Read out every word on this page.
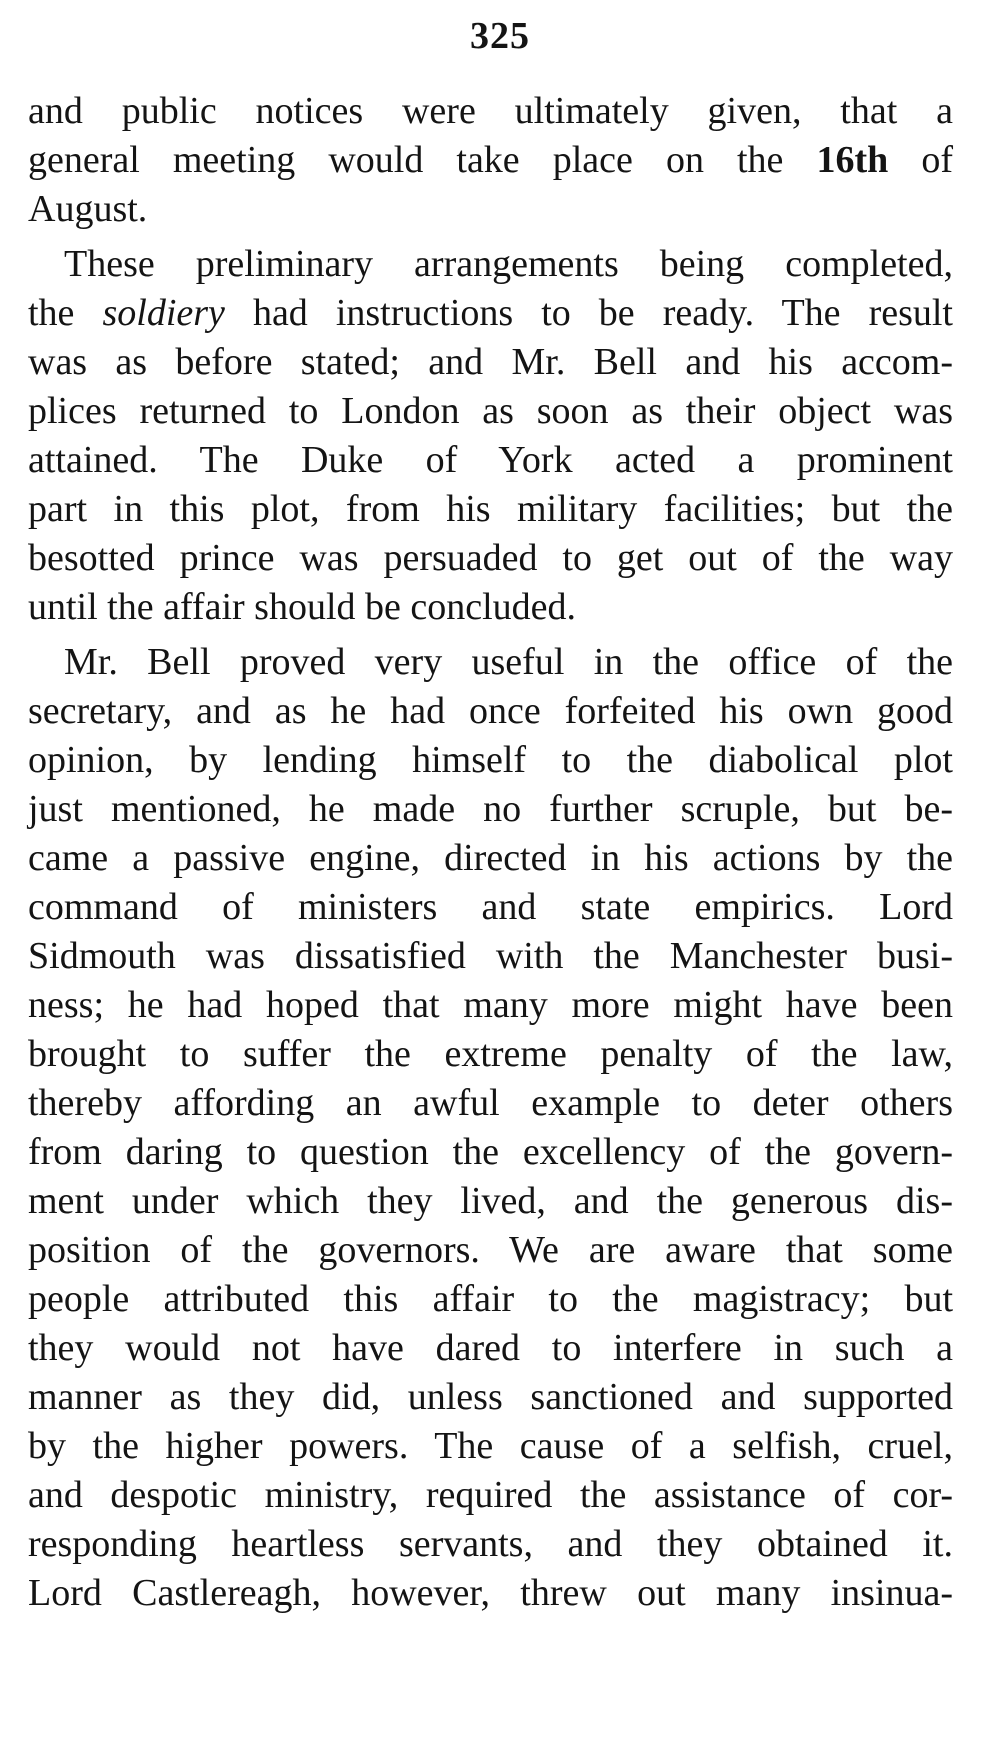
325
and public notices were ultimately given, that a
general meeting would take place on the 16th of
August.
These preliminary arrangements being completed,
the soldiery had instructions to be ready. The result
was as before stated; and Mr. Bell and his accom-
plices returned to London as soon as their object was
attained. The Duke of York acted a prominent
part in this plot, from his military facilities; but the
besotted prince was persuaded to get out of the way
until the affair should be concluded.
Mr. Bell proved very useful in the office of the
secretary, and as he had once forfeited his own good
opinion, by lending himself to the diabolical plot
just mentioned, he made no further scruple, but be-
came a passive engine, directed in his actions by the
command of ministers and state empirics. Lord
Sidmouth was dissatisfied with the Manchester busi-
ness; he had hoped that many more might have been
brought to suffer the extreme penalty of the law,
thereby affording an awful example to deter others
from daring to question the excellency of the govern-
ment under which they lived, and the generous dis-
position of the governors. We are aware that some
people attributed this affair to the magistracy; but
they would not have dared to interfere in such a
manner as they did, unless sanctioned and supported
by the higher powers. The cause of a selfish, cruel,
and despotic ministry, required the assistance of cor-
responding heartless servants, and they obtained it.
Lord Castlereagh, however, threw out many insinua-
